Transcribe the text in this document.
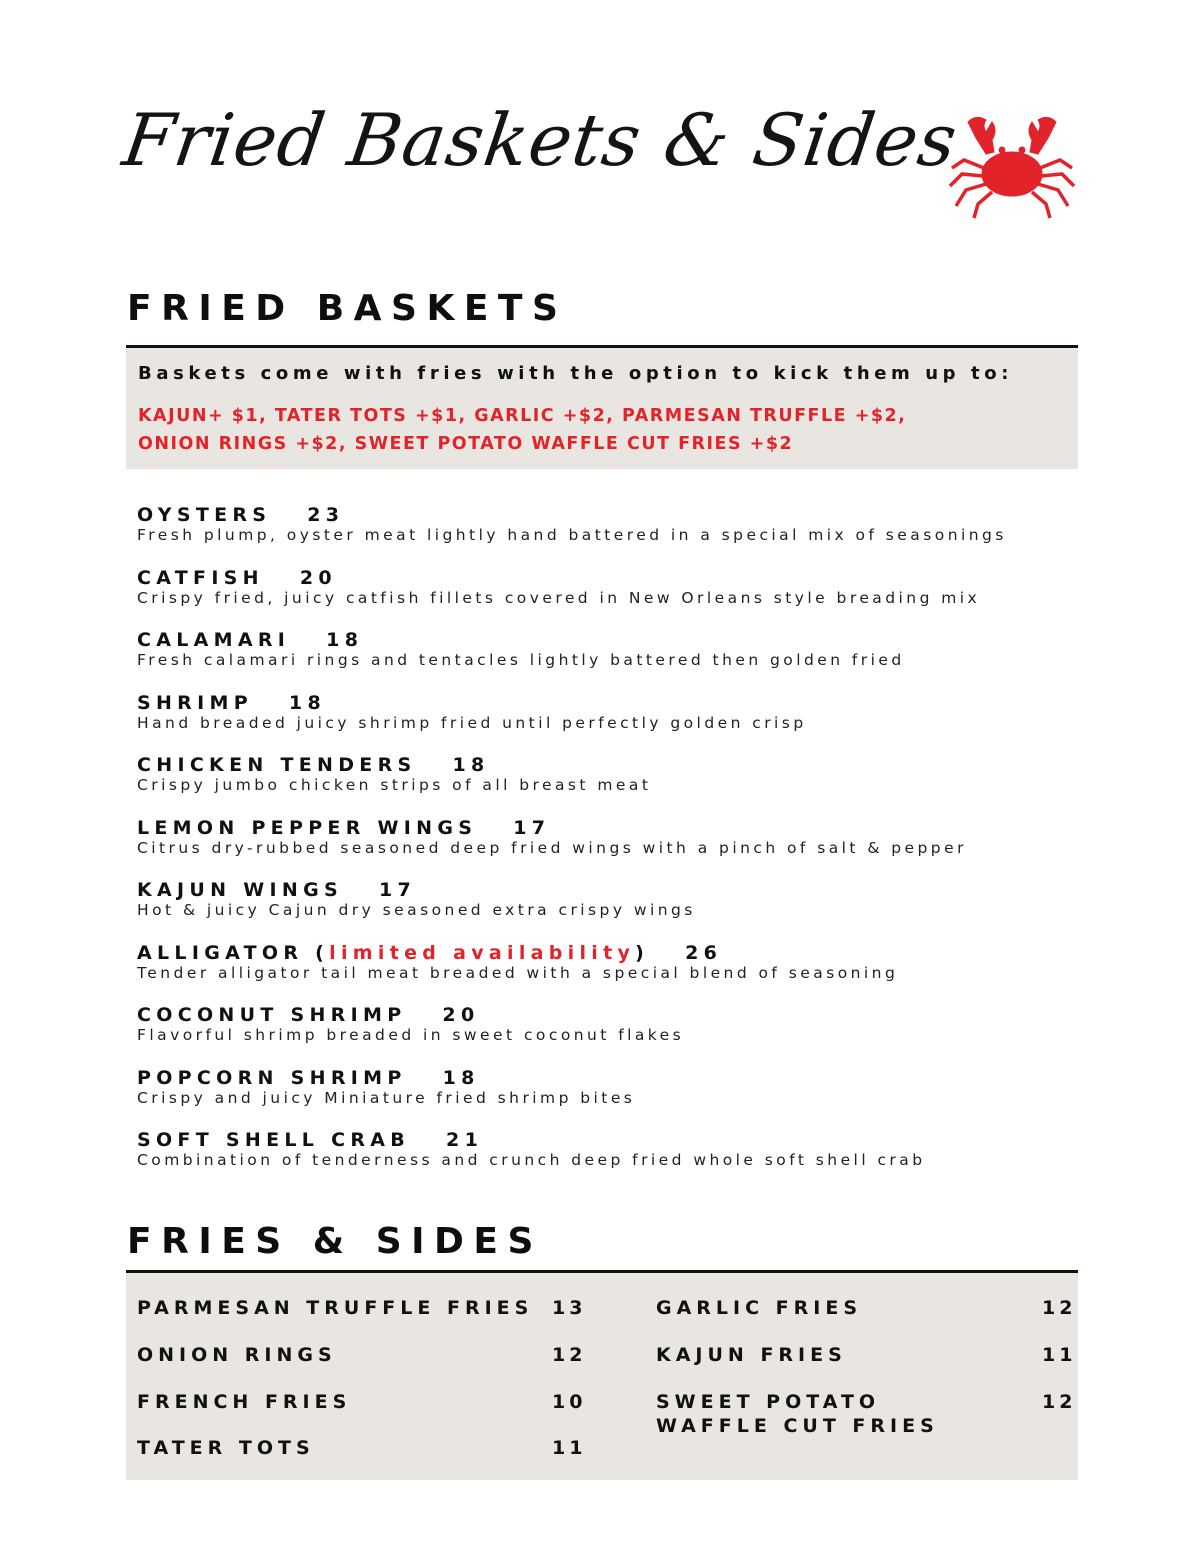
Fried Baskets & Sides
FRIED BASKETS
Baskets come with fries with the option to kick them up to:
KAJUN+ $1, TATER TOTS +$1, GARLIC +$2, PARMESAN TRUFFLE +$2,
ONION RINGS +$2, SWEET POTATO WAFFLE CUT FRIES +$2
OYSTERS 23
Fresh plump, oyster meat lightly hand battered in a special mix of seasonings
CATFISH 20
Crispy fried, juicy catfish fillets covered in New Orleans style breading mix
CALAMARI 18
Fresh calamari rings and tentacles lightly battered then golden fried
SHRIMP 18
Hand breaded juicy shrimp fried until perfectly golden crisp
CHICKEN TENDERS 18
Crispy jumbo chicken strips of all breast meat
LEMON PEPPER WINGS 17
Citrus dry-rubbed seasoned deep fried wings with a pinch of salt & pepper
KAJUN WINGS 17
Hot & juicy Cajun dry seasoned extra crispy wings
ALLIGATOR (limited availability) 26
Tender alligator tail meat breaded with a special blend of seasoning
COCONUT SHRIMP 20
Flavorful shrimp breaded in sweet coconut flakes
POPCORN SHRIMP 18
Crispy and juicy Miniature fried shrimp bites
SOFT SHELL CRAB 21
Combination of tenderness and crunch deep fried whole soft shell crab
FRIES & SIDES
PARMESAN TRUFFLE FRIES 13
ONION RINGS	12
FRENCH FRIES	10
TATER TOTS	11
GARLIC FRIES	12
KAJUN FRIES	11
SWEET POTATO
WAFFLE CUT FRIES
12
